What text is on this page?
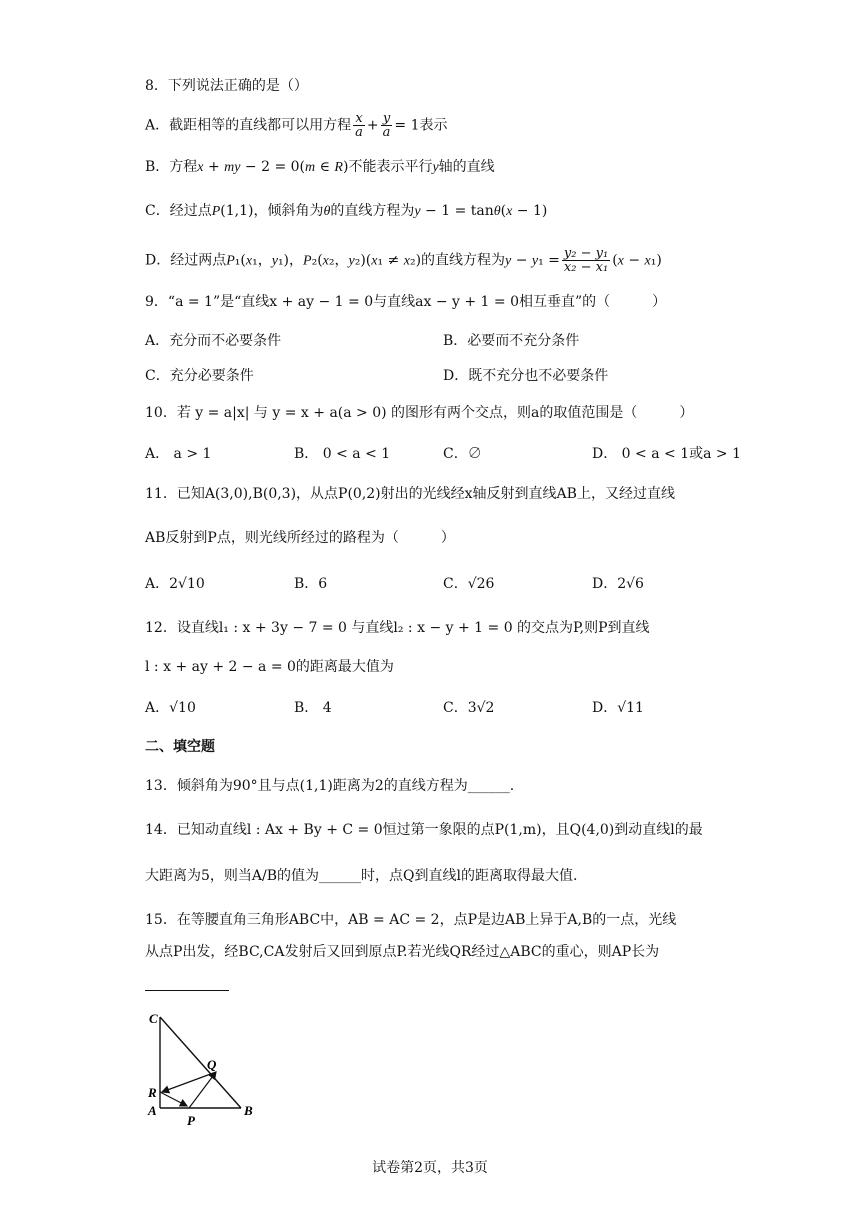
8．下列说法正确的是（）
A．截距相等的直线都可以用方程 $\frac{x}{a} + \frac{y}{a} = 1$表示
B．方程x + my − 2 = 0(m ∈ R)不能表示平行y轴的直线
C．经过点P(1,1)，倾斜角为θ的直线方程为y − 1 = tanθ(x − 1)
D．经过两点P₁(x₁，y₁)，P₂(x₂，y₂)(x₁ ≠ x₂)的直线方程为$y - y_1 = \frac{\text{y₂ − y₁}}{\text{x₂ − x₁}} (x - x_1)$
9．“a = 1”是“直线x + ay − 1 = 0与直线ax − y + 1 = 0相互垂直”的（　　　）
A．充分而不必要条件	B．必要而不充分条件
C．充分必要条件	D．既不充分也不必要条件
10．若 y = a|x| 与 y = x + a(a > 0) 的图形有两个交点，则a的取值范围是（　　　）
A． a > 1	B． 0 < a < 1	C．∅	D． 0 < a < 1或a > 1
11．已知A(3,0),B(0,3)，从点P(0,2)射出的光线经x轴反射到直线AB上，又经过直线
AB反射到P点，则光线所经过的路程为（　　　）
A．2√10	B．6	C．√26	D．2√6
12．设直线l₁ : x + 3y − 7 = 0 与直线l₂ : x − y + 1 = 0 的交点为P,则P到直线
l : x + ay + 2 − a = 0的距离最大值为
A．√10	B． 4	C．3√2	D．√11
二、填空题
13．倾斜角为90°且与点(1,1)距离为2的直线方程为______.
14．已知动直线l : Ax + By + C = 0恒过第一象限的点P(1,m)，且Q(4,0)到动直线l的最
大距离为5，则当A/B的值为______时，点Q到直线l的距离取得最大值.
15．在等腰直角三角形ABC中，AB = AC = 2，点P是边AB上异于A,B的一点，光线
从点P出发，经BC,CA发射后又回到原点P.若光线QR经过△ABC的重心，则AP长为
C
Q
R
A
P
B
试卷第2页，共3页
